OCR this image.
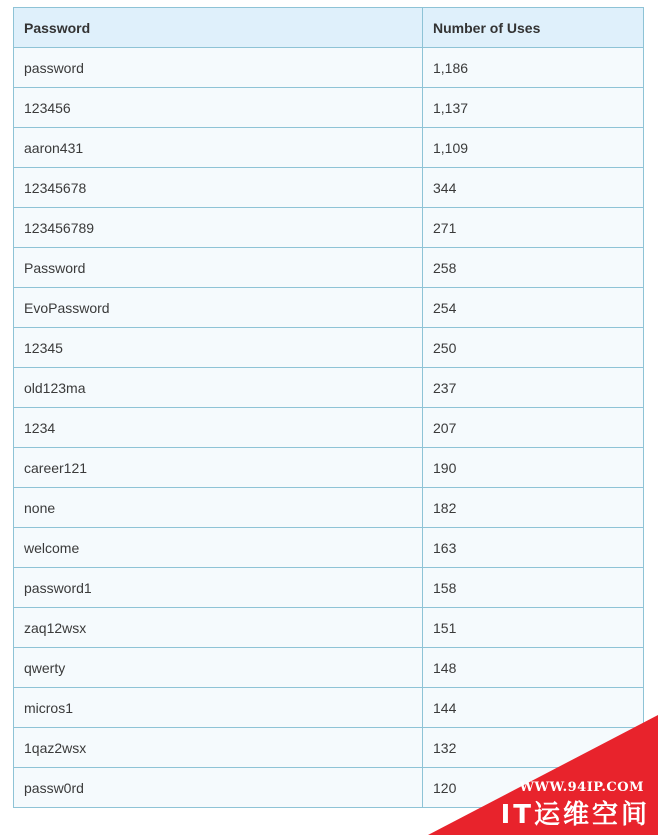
Password	Number of Uses
password	1,186
123456	1,137
aaron431	1,109
12345678	344
123456789	271
Password	258
EvoPassword	254
12345	250
old123ma	237
1234	207
career121	190
none	182
welcome	163
password1	158
zaq12wsx	151
qwerty	148
micros1	144
1qaz2wsx	132
passw0rd	120	WWW.94IP.COM
IT运维空间
